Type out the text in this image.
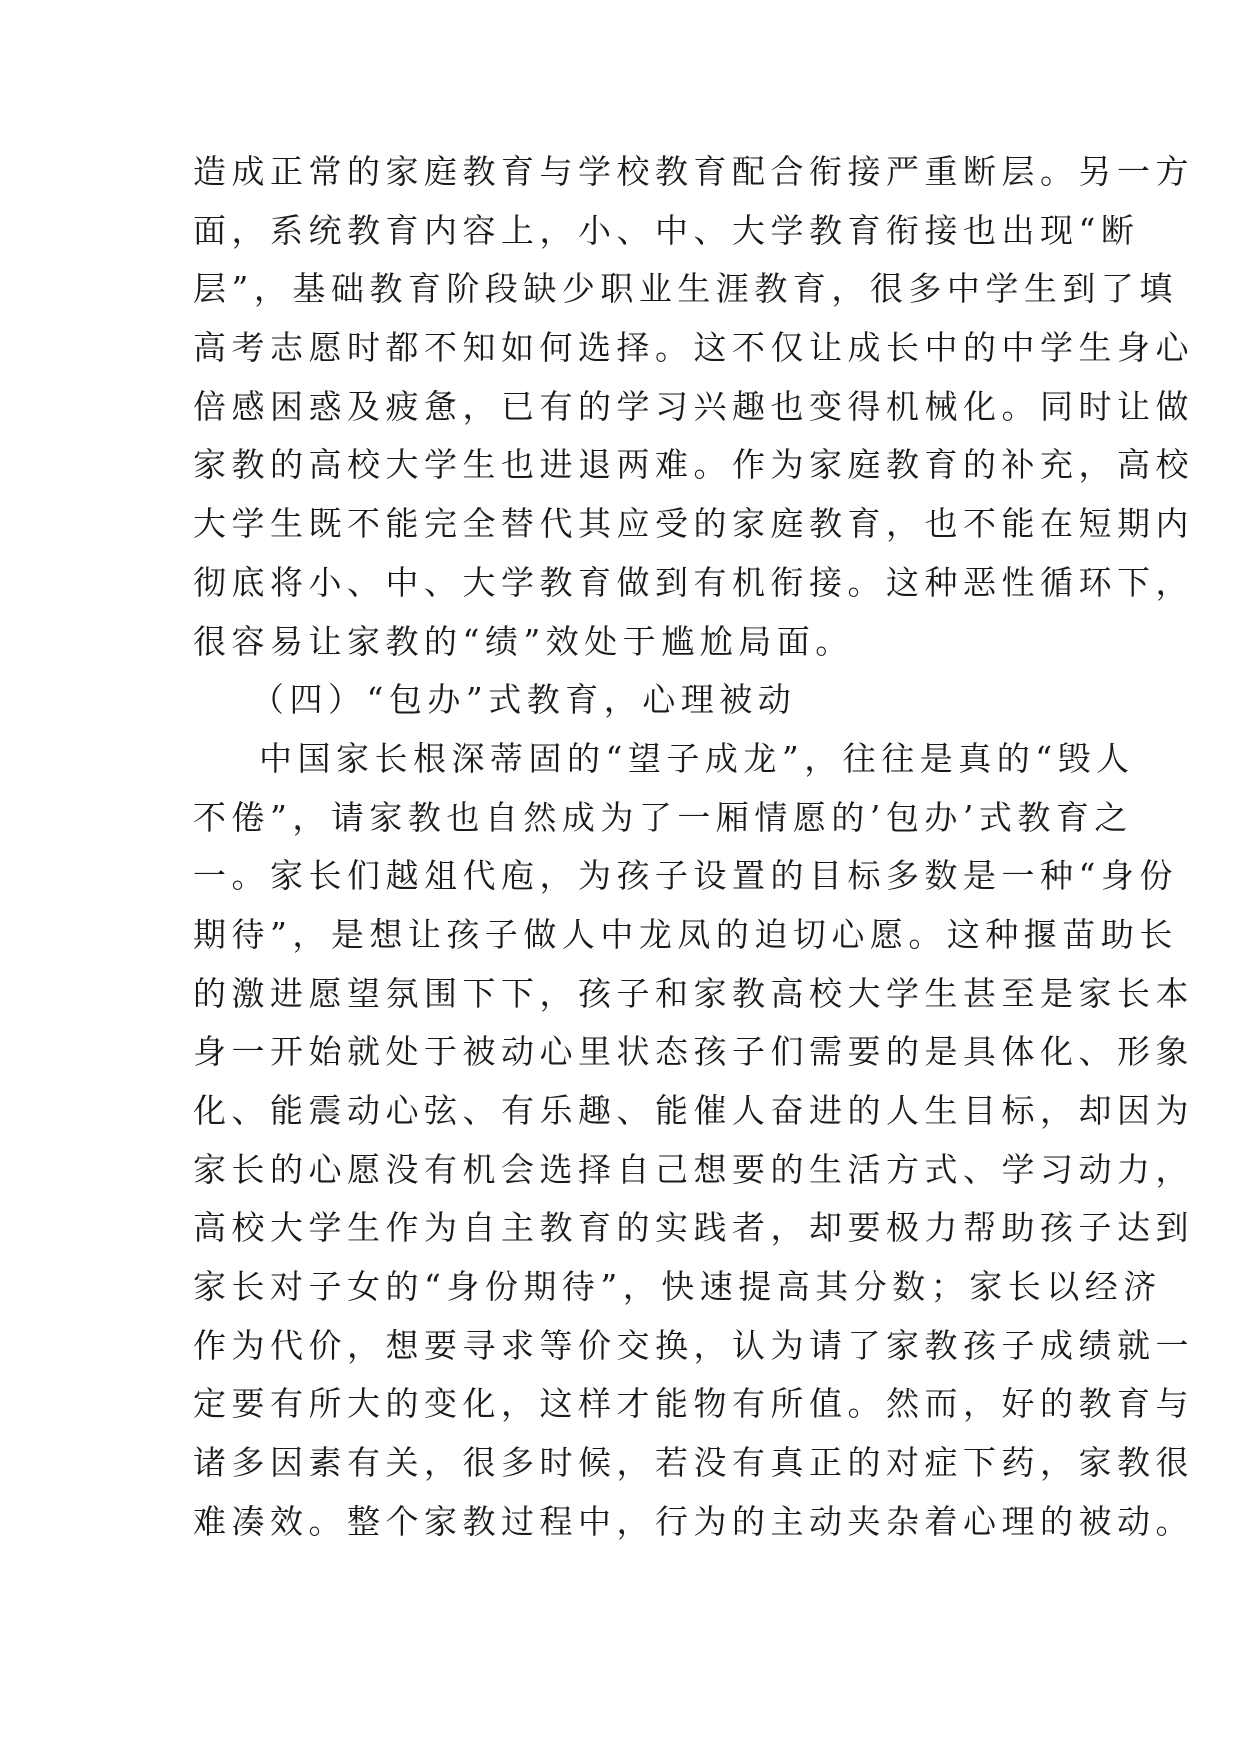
造成正常的家庭教育与学校教育配合衔接严重断层。另一方
面，系统教育内容上，小、中、大学教育衔接也出现“断
层”，基础教育阶段缺少职业生涯教育，很多中学生到了填
高考志愿时都不知如何选择。这不仅让成长中的中学生身心
倍感困惑及疲惫，已有的学习兴趣也变得机械化。同时让做
家教的高校大学生也进退两难。作为家庭教育的补充，高校
大学生既不能完全替代其应受的家庭教育，也不能在短期内
彻底将小、中、大学教育做到有机衔接。这种恶性循环下，
很容易让家教的“绩”效处于尴尬局面。
（四）“包办”式教育，心理被动
中国家长根深蒂固的“望子成龙”，往往是真的“毁人
不倦”，请家教也自然成为了一厢情愿的’包办’式教育之
一。家长们越俎代庖，为孩子设置的目标多数是一种“身份
期待”，是想让孩子做人中龙凤的迫切心愿。这种揠苗助长
的激进愿望氛围下下，孩子和家教高校大学生甚至是家长本
身一开始就处于被动心里状态孩子们需要的是具体化、形象
化、能震动心弦、有乐趣、能催人奋进的人生目标，却因为
家长的心愿没有机会选择自己想要的生活方式、学习动力，
高校大学生作为自主教育的实践者，却要极力帮助孩子达到
家长对子女的“身份期待”，快速提高其分数；家长以经济
作为代价，想要寻求等价交换，认为请了家教孩子成绩就一
定要有所大的变化，这样才能物有所值。然而，好的教育与
诸多因素有关，很多时候，若没有真正的对症下药，家教很
难凑效。整个家教过程中，行为的主动夹杂着心理的被动。
